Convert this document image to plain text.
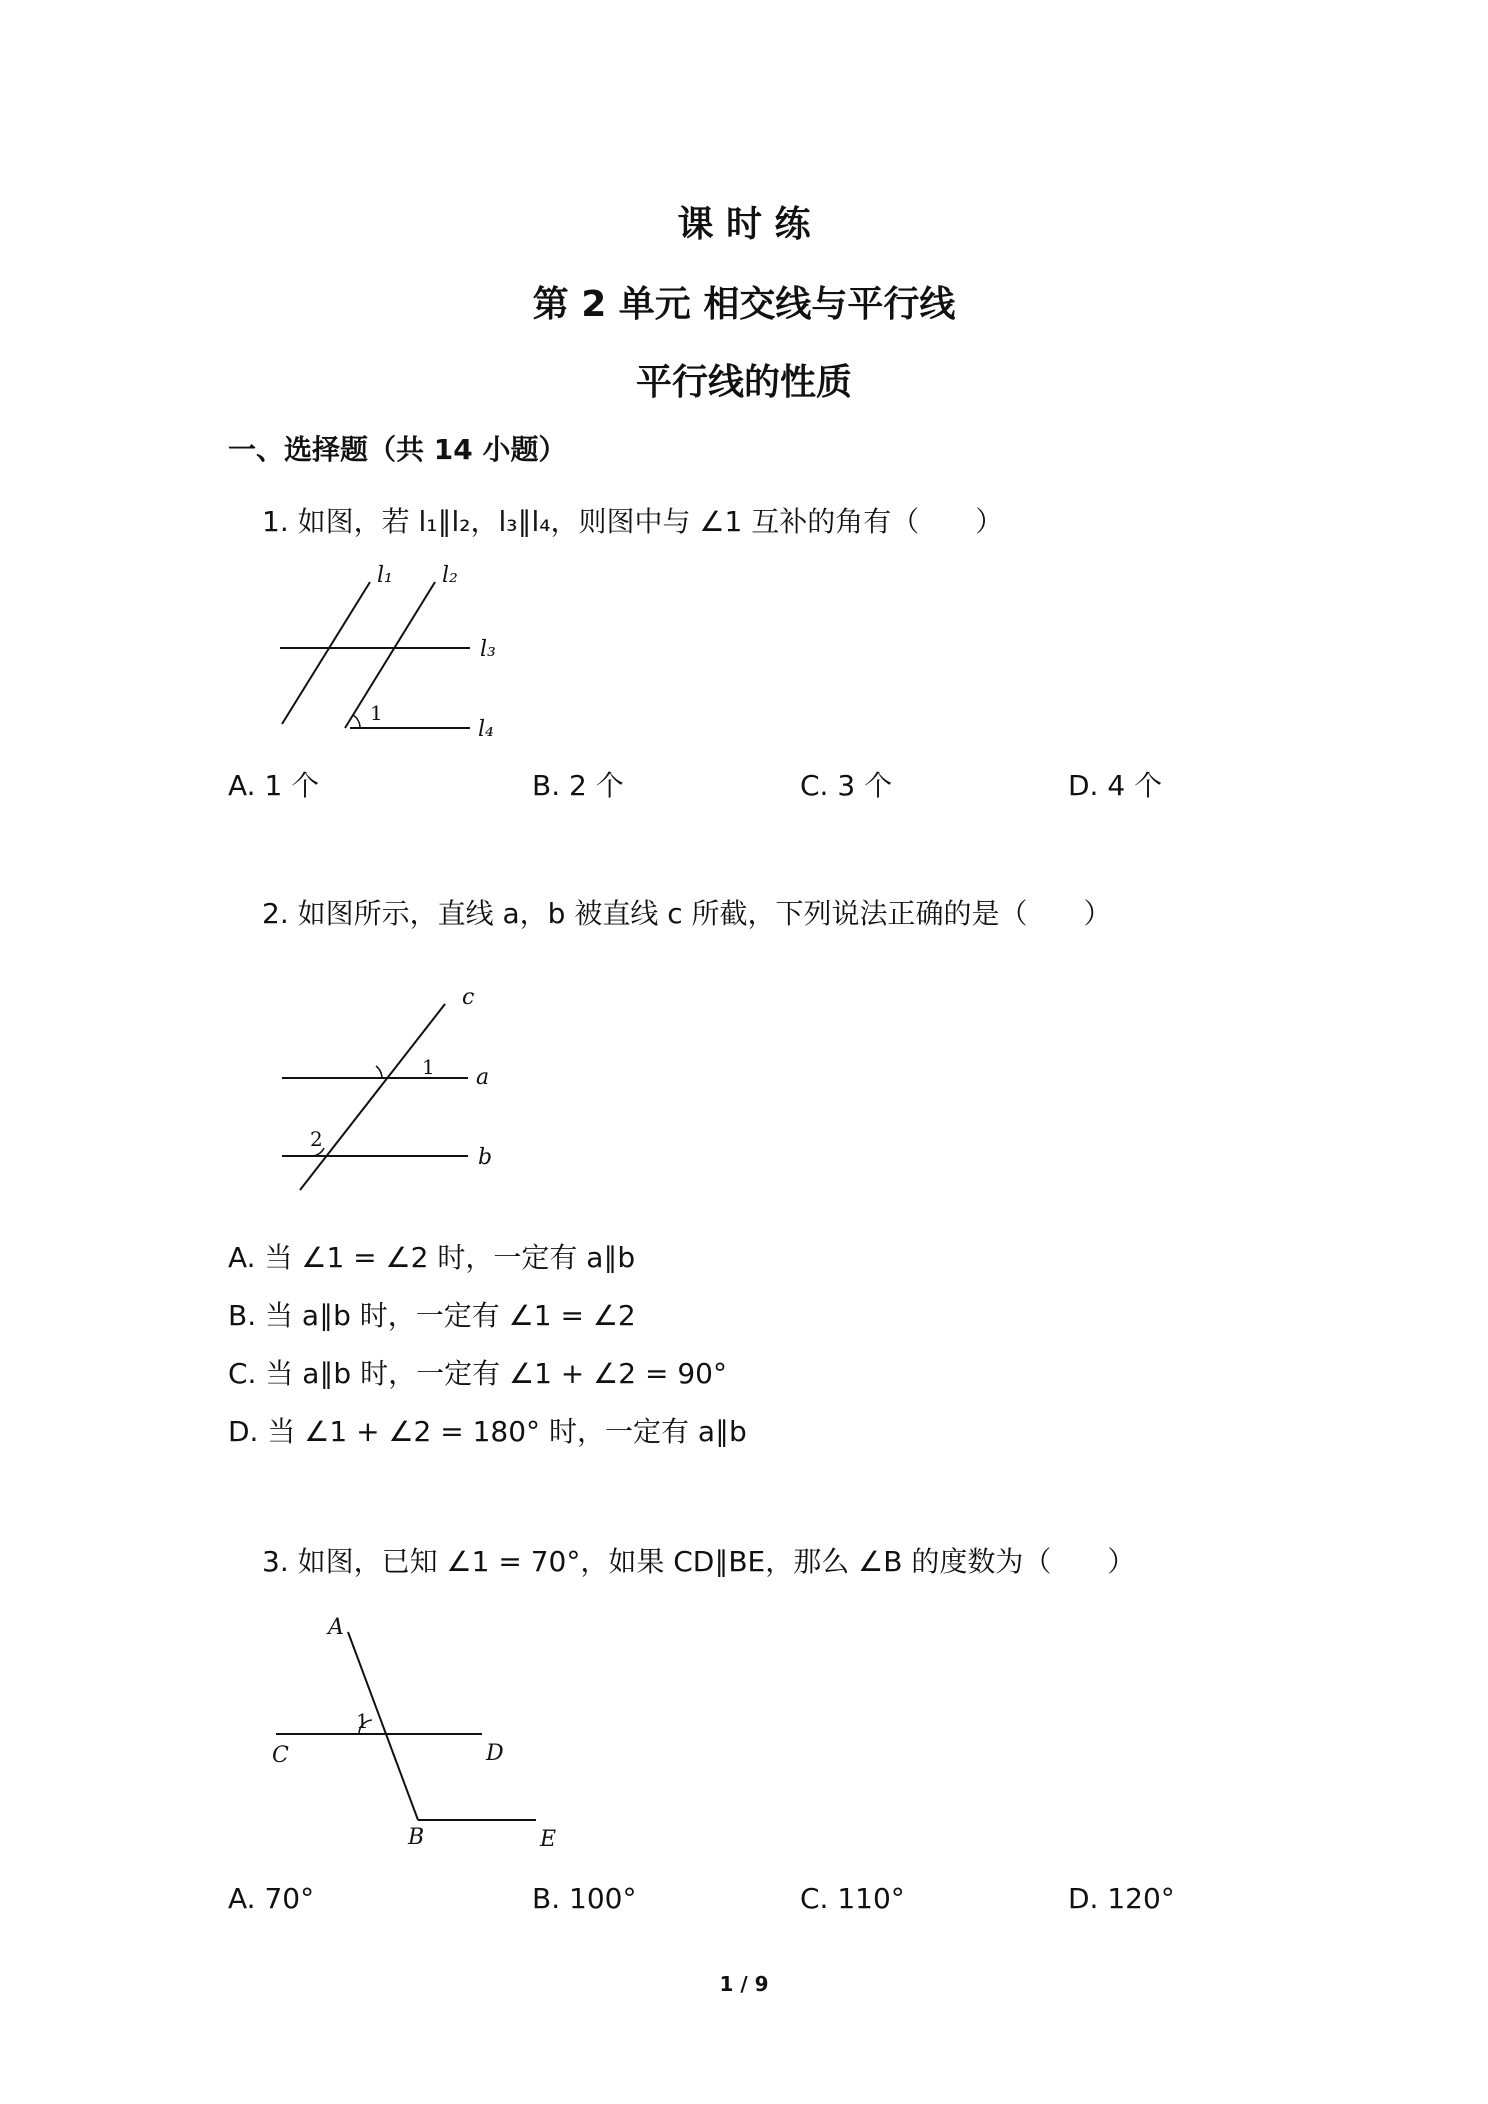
课 时 练
第 2 单元 相交线与平行线
平行线的性质
一、选择题（共 14 小题）
1. 如图，若 l₁∥l₂，l₃∥l₄，则图中与 ∠1 互补的角有（　　）
l₁ l₂
l₃
l₄
1
A. 1 个	B. 2 个	C. 3 个	D. 4 个
2. 如图所示，直线 a，b 被直线 c 所截，下列说法正确的是（　　）
c
a
b
1
2
A. 当 ∠1 = ∠2 时，一定有 a∥b
B. 当 a∥b 时，一定有 ∠1 = ∠2
C. 当 a∥b 时，一定有 ∠1 + ∠2 = 90°
D. 当 ∠1 + ∠2 = 180° 时，一定有 a∥b
3. 如图，已知 ∠1 = 70°，如果 CD∥BE，那么 ∠B 的度数为（　　）
A
C	D
B	E
1
A. 70°	B. 100°	C. 110°	D. 120°
1 / 9
